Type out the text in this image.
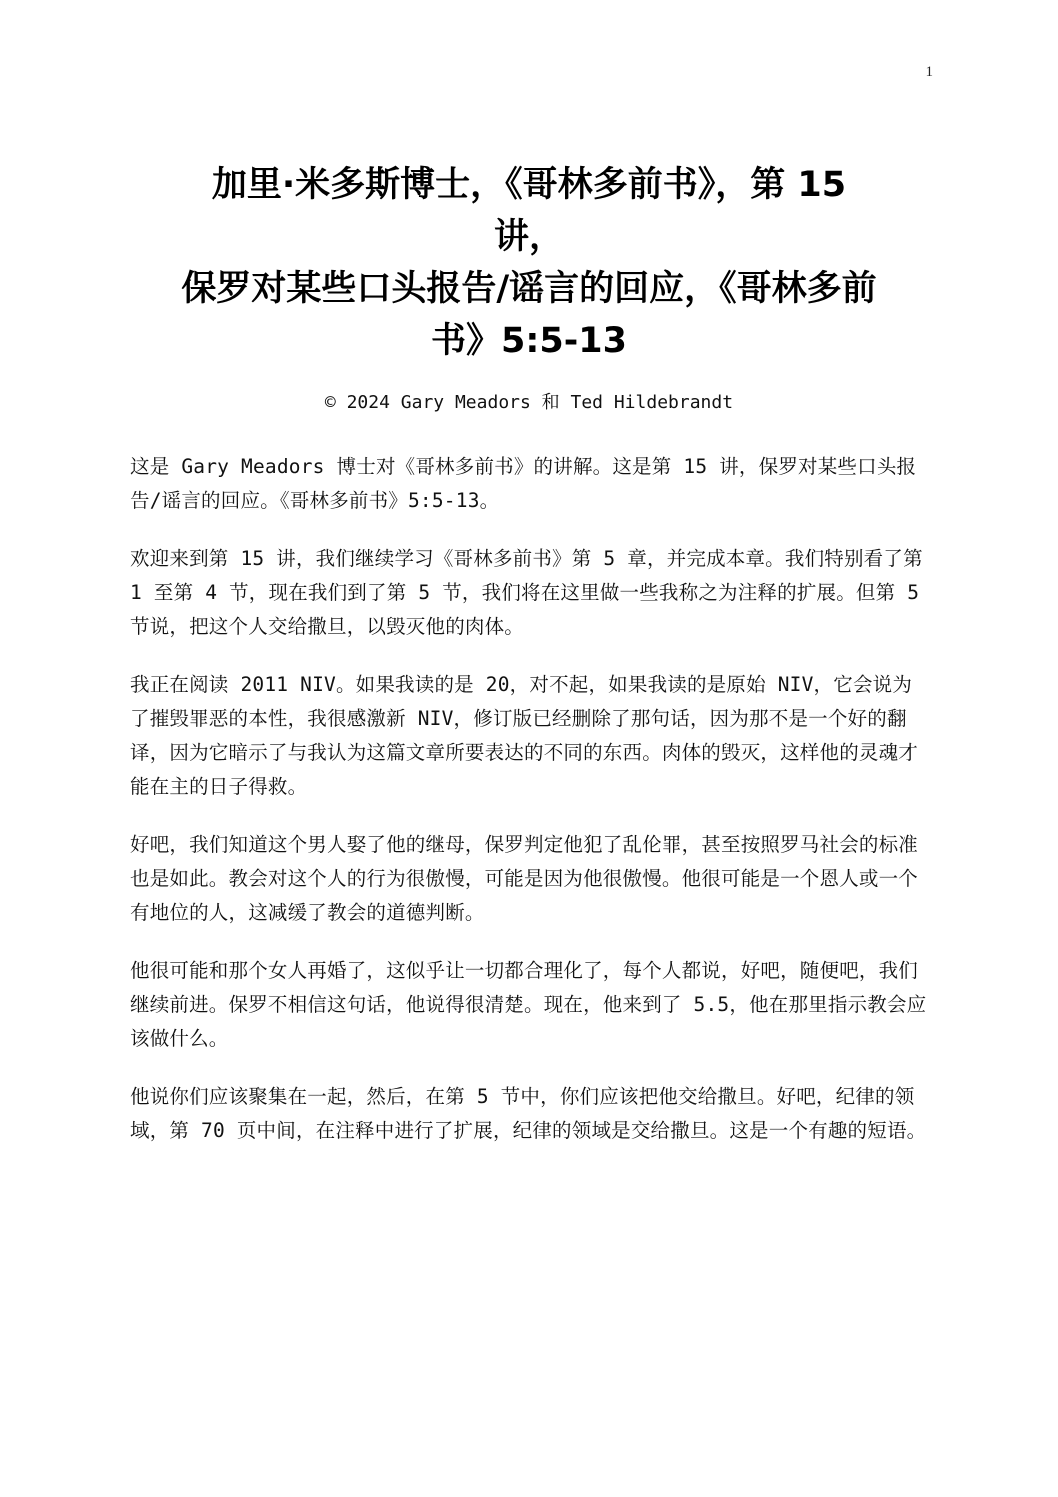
1
加里·米多斯博士，《哥林多前书》，第 15
讲，
保罗对某些口头报告/谣言的回应，《哥林多前
书》5:5-13
© 2024 Gary Meadors 和 Ted Hildebrandt

这是 Gary Meadors 博士对《哥林多前书》的讲解。这是第 15 讲，保罗对某些口头报告/谣言的回应。《哥林多前书》5:5-13。

欢迎来到第 15 讲，我们继续学习《哥林多前书》第 5 章，并完成本章。我们特别看了第 1 至第 4 节，现在我们到了第 5 节，我们将在这里做一些我称之为注释的扩展。但第 5 节说，把这个人交给撒旦，以毁灭他的肉体。

我正在阅读 2011 NIV。如果我读的是 20，对不起，如果我读的是原始 NIV，它会说为了摧毁罪恶的本性，我很感激新 NIV，修订版已经删除了那句话，因为那不是一个好的翻译，因为它暗示了与我认为这篇文章所要表达的不同的东西。肉体的毁灭，这样他的灵魂才能在主的日子得救。

好吧，我们知道这个男人娶了他的继母，保罗判定他犯了乱伦罪，甚至按照罗马社会的标准也是如此。教会对这个人的行为很傲慢，可能是因为他很傲慢。他很可能是一个恩人或一个有地位的人，这减缓了教会的道德判断。

他很可能和那个女人再婚了，这似乎让一切都合理化了，每个人都说，好吧，随便吧，我们继续前进。保罗不相信这句话，他说得很清楚。现在，他来到了 5.5，他在那里指示教会应该做什么。

他说你们应该聚集在一起，然后，在第 5 节中，你们应该把他交给撒旦。好吧，纪律的领域，第 70 页中间，在注释中进行了扩展，纪律的领域是交给撒旦。这是一个有趣的短语。
